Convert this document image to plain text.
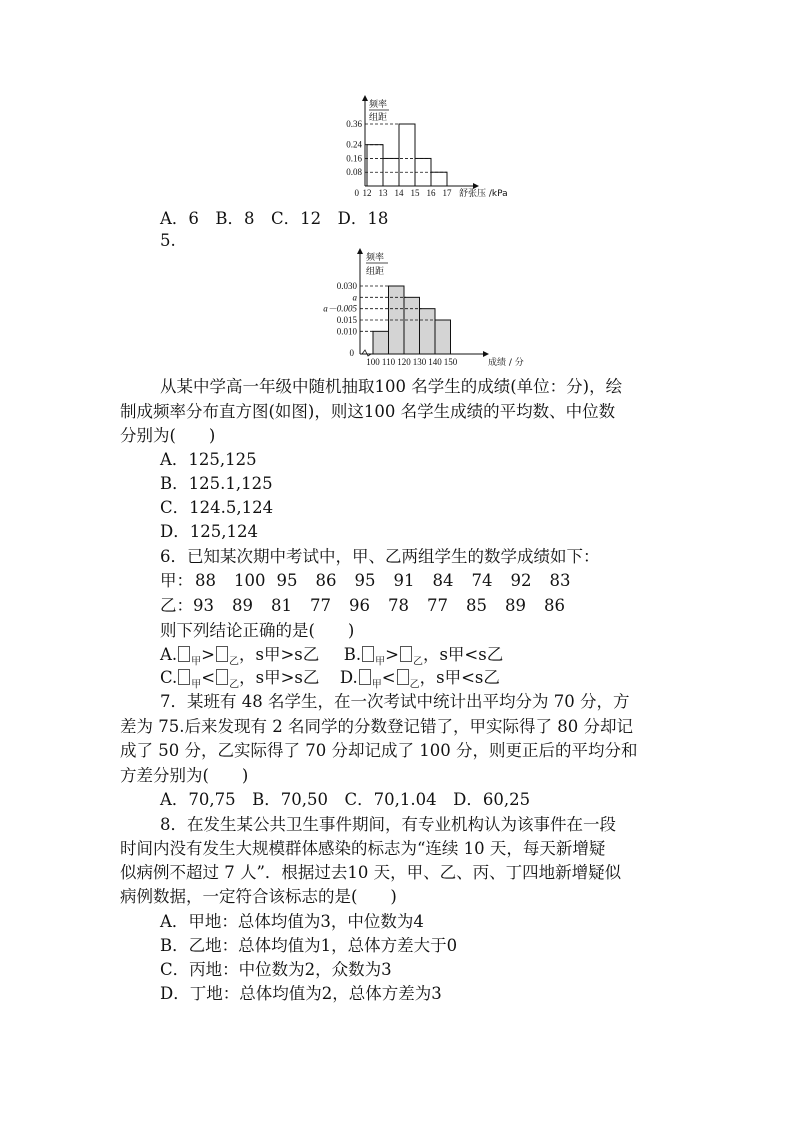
0.36
0.24
0.16
0.08
0 12 13 14 15 16 17
频率
组距
舒张压 /kPa
A．6　B．8　C．12　D．18
5.
0.030
a
a－0.005
0.015
0.010
0
100 110 120 130 140 150
频率
组距
成绩 / 分
从某中学高一年级中随机抽取100 名学生的成绩(单位：分)，绘
制成频率分布直方图(如图)，则这100 名学生成绩的平均数、中位数
分别为(　　)
A．125,125
B．125.1,125
C．124.5,124
D．125,124
6．已知某次期中考试中，甲、乙两组学生的数学成绩如下：
甲： 88 100 95 86 95 91 84 74 92 83
乙：93 89 81 77 96 78 77 85 89 86
则下列结论正确的是(　　)
A. $_甲$> $_乙$，s甲>s乙 B. $_甲$> $_乙$，s甲<s乙
C. $_甲$< $_乙$，s甲>s乙 D. $_甲$< $_乙$，s甲<s乙
7．某班有 48 名学生，在一次考试中统计出平均分为 70 分，方
差为 75.后来发现有 2 名同学的分数登记错了，甲实际得了 80 分却记
成了 50 分，乙实际得了 70 分却记成了 100 分，则更正后的平均分和
方差分别为(　　)
A．70,75　B．70,50　C．70,1.04　D．60,25
8．在发生某公共卫生事件期间，有专业机构认为该事件在一段
时间内没有发生大规模群体感染的标志为“连续 10 天，每天新增疑
似病例不超过 7 人”．根据过去10 天，甲、乙、丙、丁四地新增疑似
病例数据，一定符合该标志的是(　　)
A．甲地：总体均值为3，中位数为4
B．乙地：总体均值为1，总体方差大于0
C．丙地：中位数为2，众数为3
D．丁地：总体均值为2，总体方差为3
